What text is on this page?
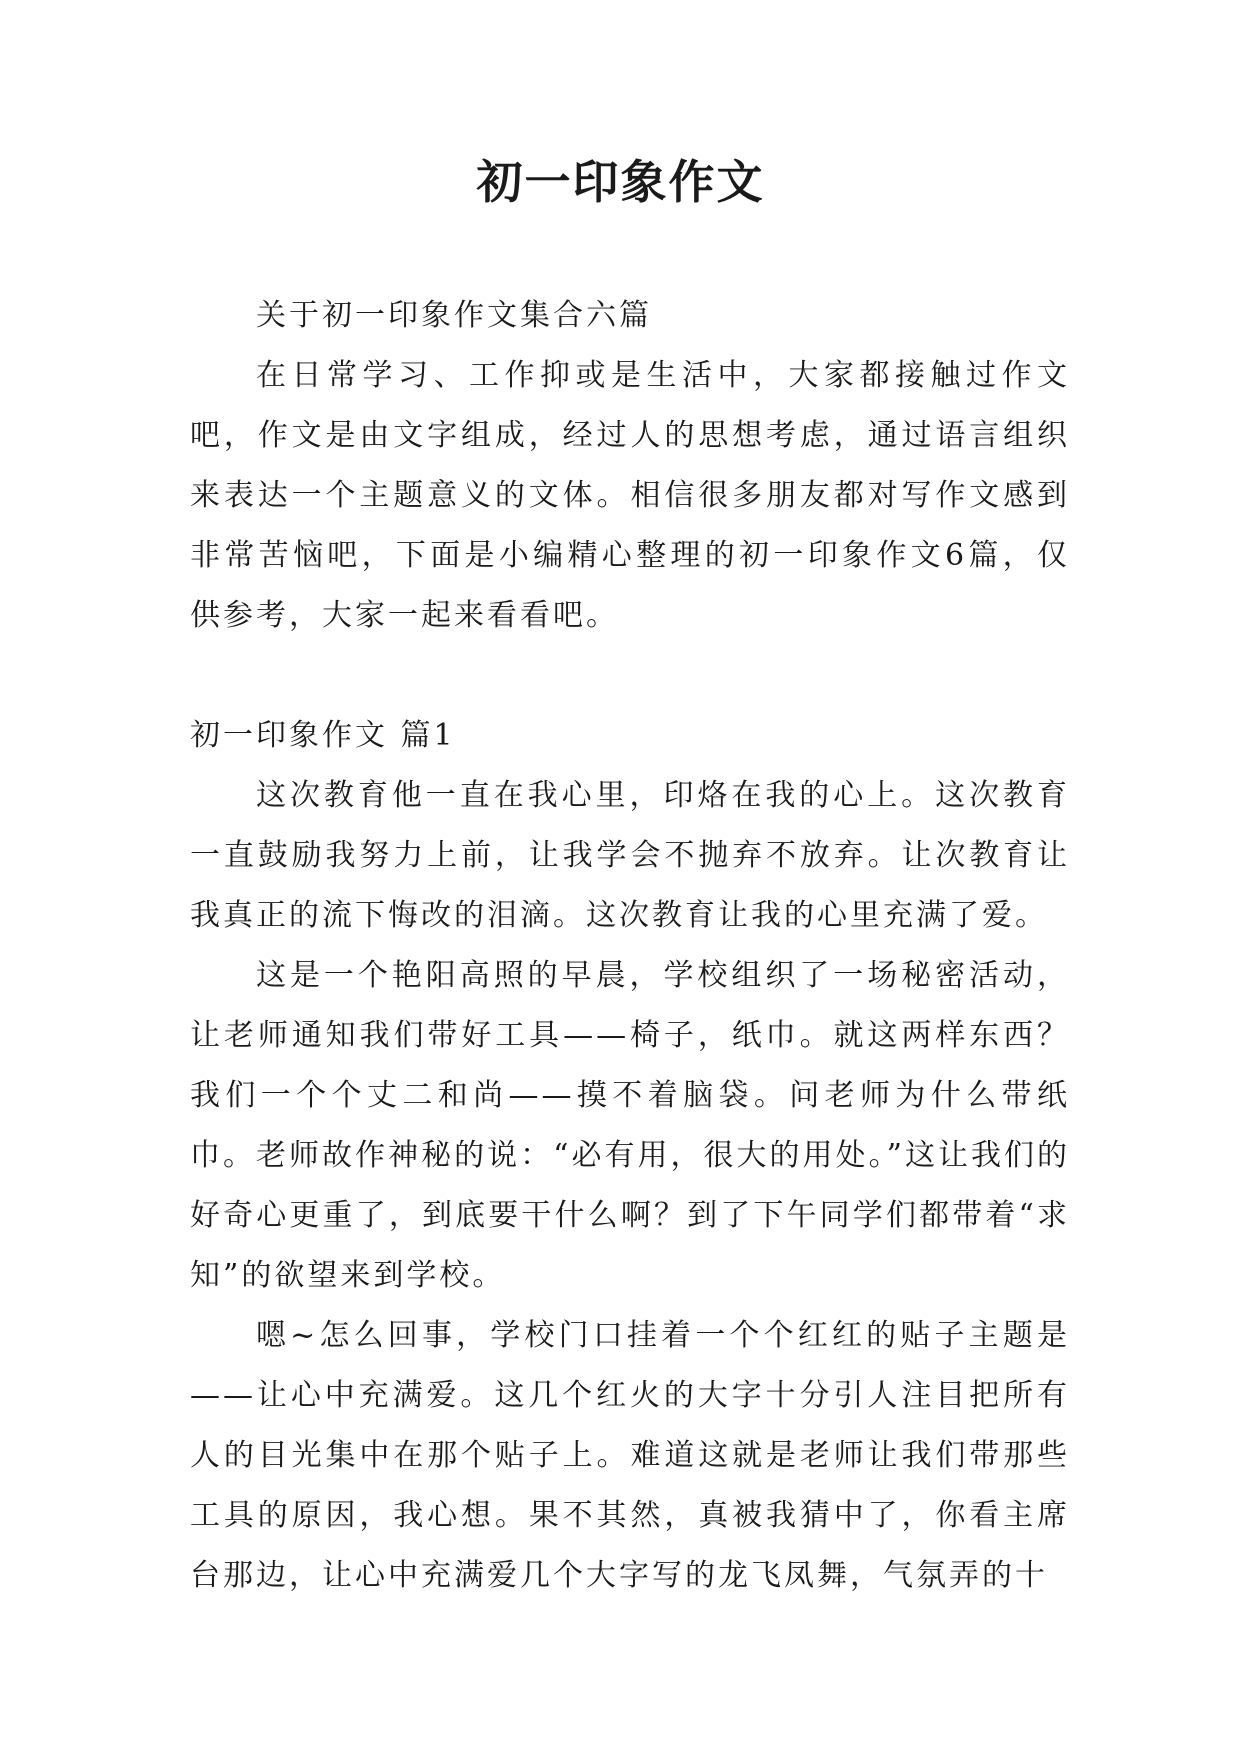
初一印象作文

关于初一印象作文集合六篇

在日常学习、工作抑或是生活中，大家都接触过作文吧，作文是由文字组成，经过人的思想考虑，通过语言组织来表达一个主题意义的文体。相信很多朋友都对写作文感到非常苦恼吧，下面是小编精心整理的初一印象作文6篇，仅供参考，大家一起来看看吧。

初一印象作文 篇1

这次教育他一直在我心里，印烙在我的心上。这次教育一直鼓励我努力上前，让我学会不抛弃不放弃。让次教育让我真正的流下悔改的泪滴。这次教育让我的心里充满了爱。

这是一个艳阳高照的早晨，学校组织了一场秘密活动，让老师通知我们带好工具——椅子，纸巾。就这两样东西？我们一个个丈二和尚——摸不着脑袋。问老师为什么带纸巾。老师故作神秘的说：“必有用，很大的用处。”这让我们的好奇心更重了，到底要干什么啊？到了下午同学们都带着“求知”的欲望来到学校。

嗯~怎么回事，学校门口挂着一个个红红的贴子主题是——让心中充满爱。这几个红火的大字十分引人注目把所有人的目光集中在那个贴子上。难道这就是老师让我们带那些工具的原因，我心想。果不其然，真被我猜中了，你看主席台那边，让心中充满爱几个大字写的龙飞凤舞，气氛弄的十
